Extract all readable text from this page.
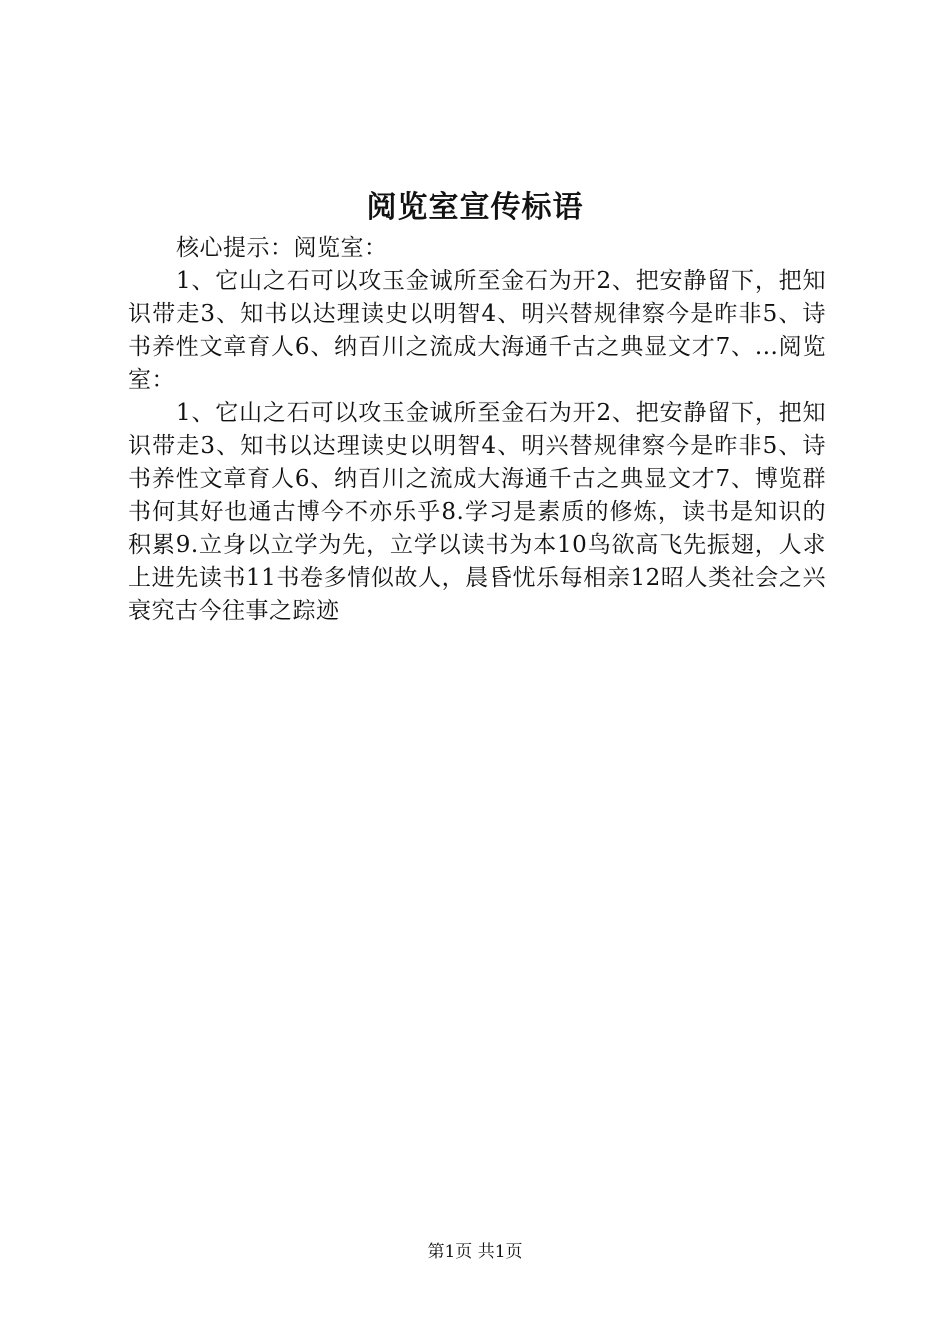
阅览室宣传标语

核心提示：阅览室：

1、它山之石可以攻玉金诚所至金石为开2、把安静留下，把知识带走3、知书以达理读史以明智4、明兴替规律察今是昨非5、诗书养性文章育人6、纳百川之流成大海通千古之典显文才7、...阅览室：

1、它山之石可以攻玉金诚所至金石为开2、把安静留下，把知识带走3、知书以达理读史以明智4、明兴替规律察今是昨非5、诗书养性文章育人6、纳百川之流成大海通千古之典显文才7、博览群书何其好也通古博今不亦乐乎8.学习是素质的修炼，读书是知识的积累9.立身以立学为先，立学以读书为本10鸟欲高飞先振翅，人求上进先读书11书卷多情似故人，晨昏忧乐每相亲12昭人类社会之兴衰究古今往事之踪迹

第1页 共1页
